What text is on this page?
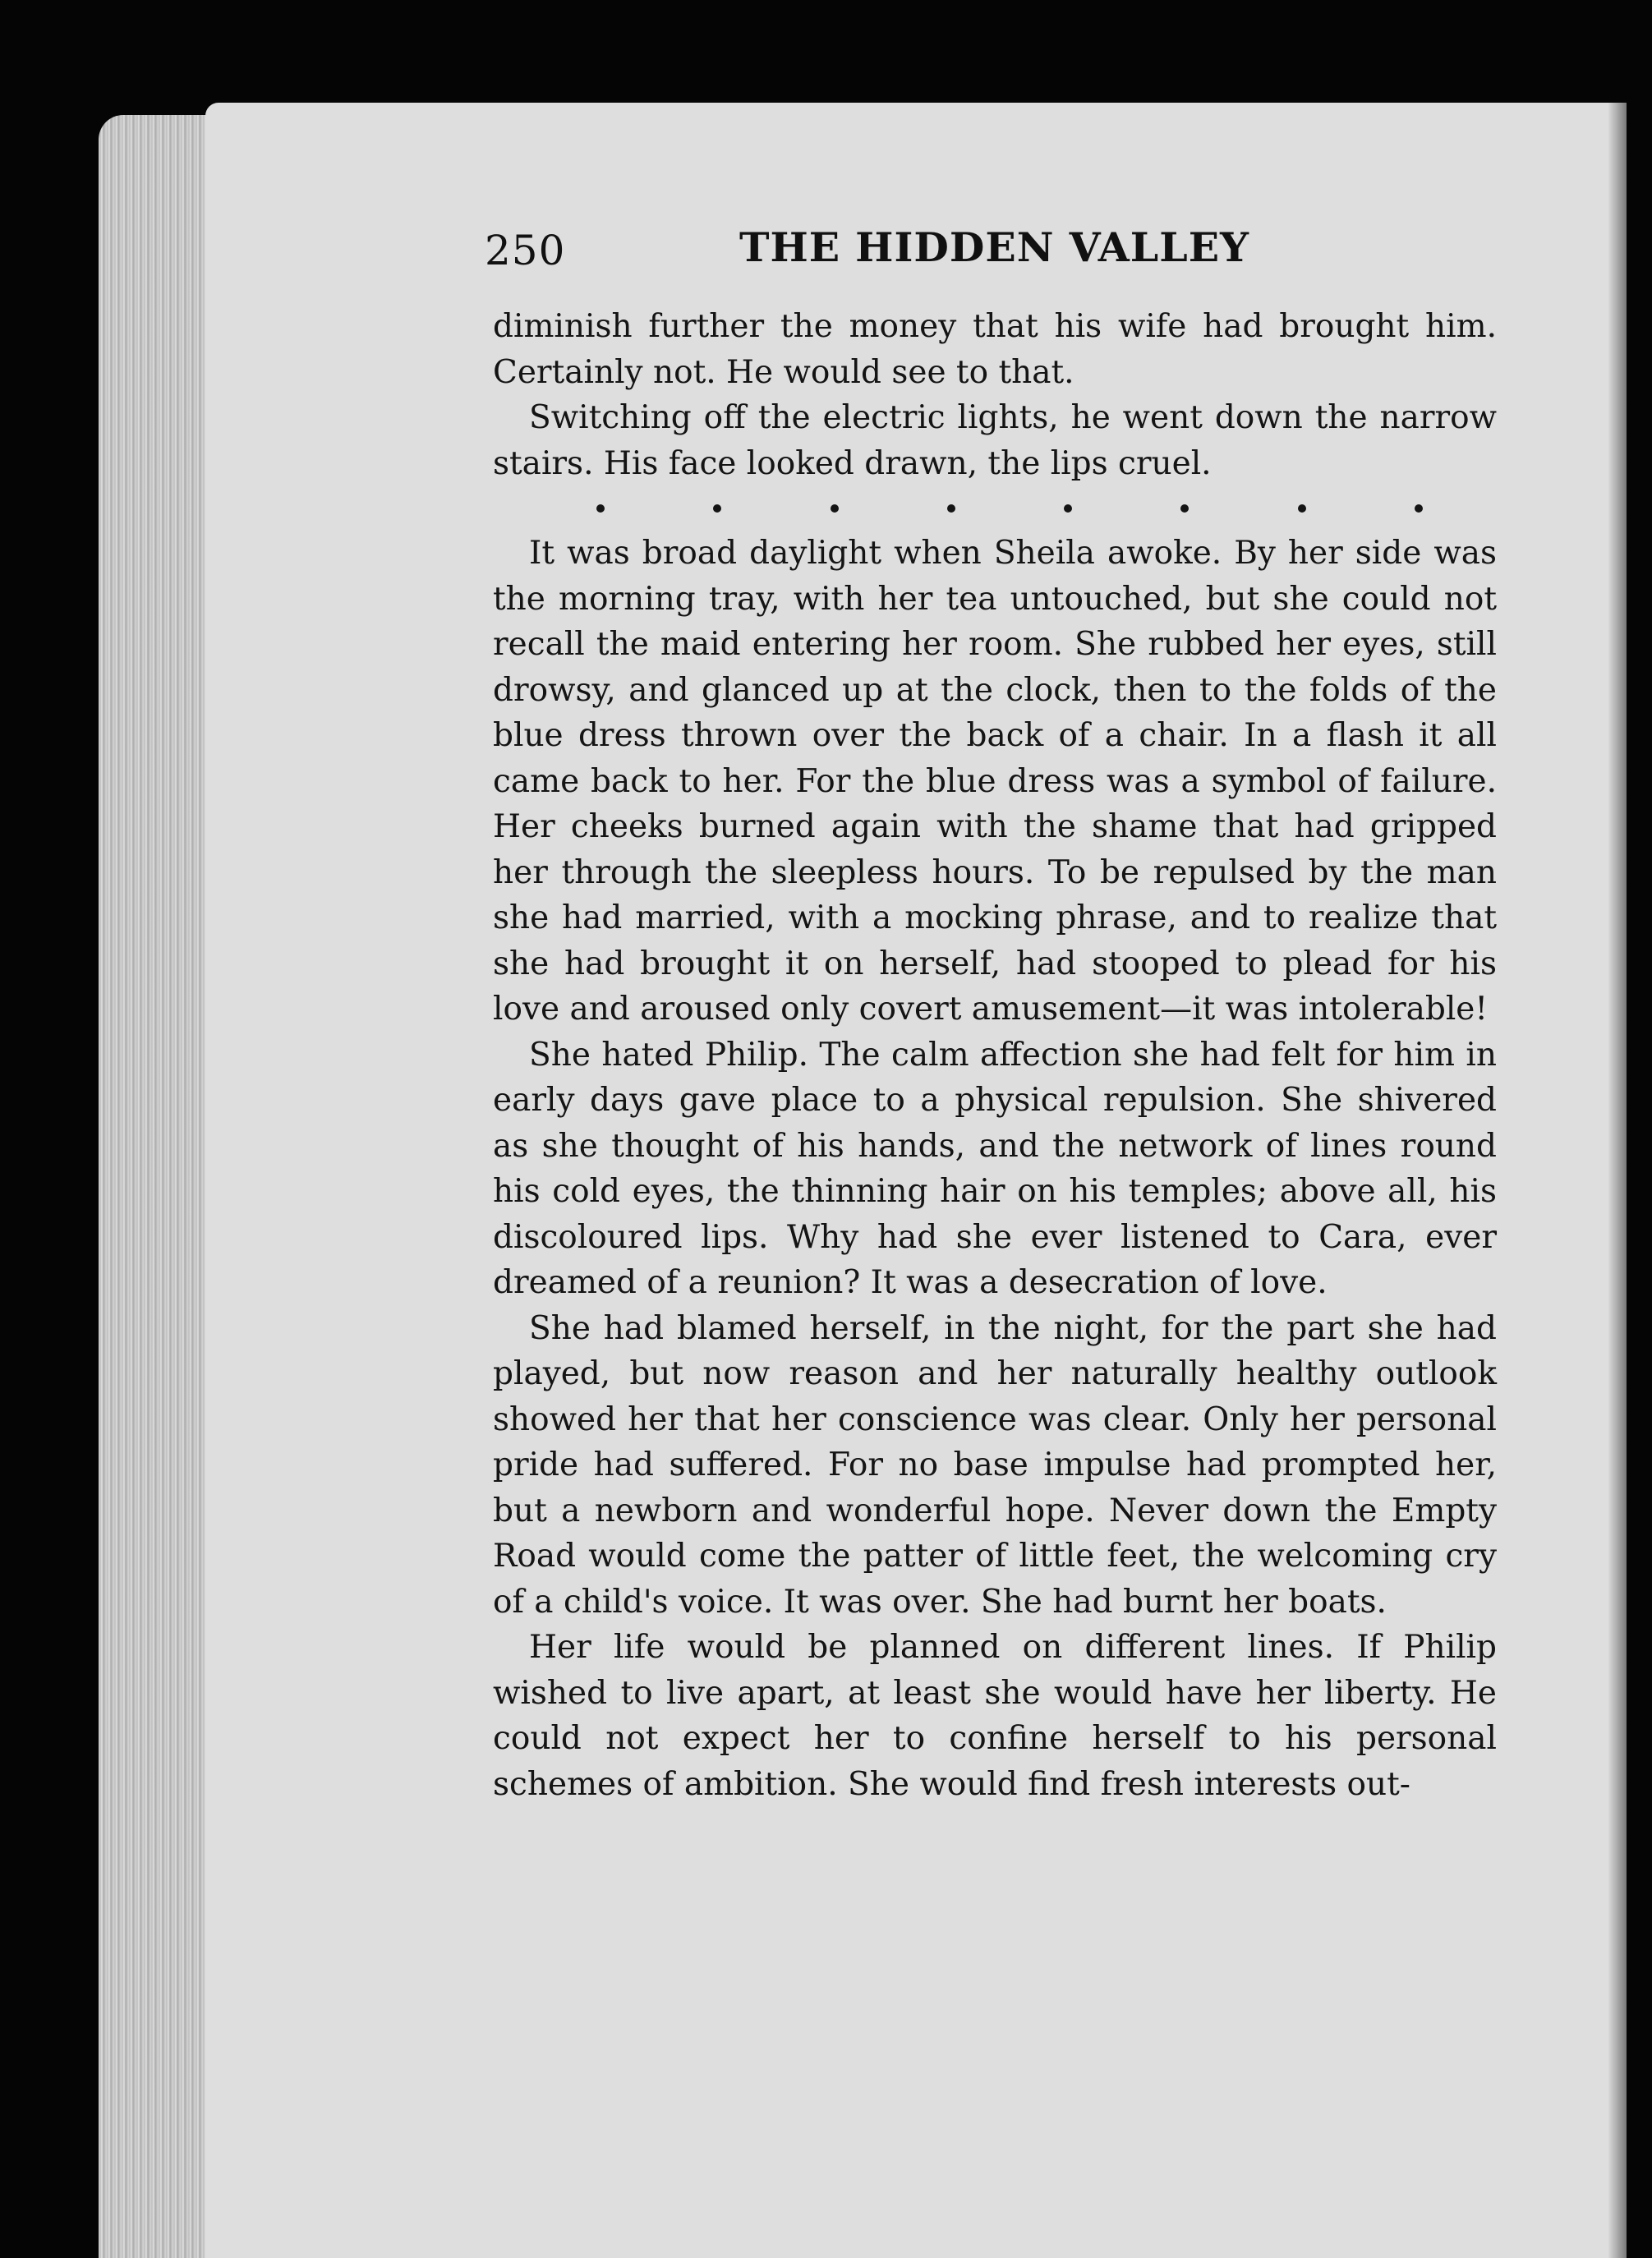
250	THE HIDDEN VALLEY

diminish further the money that his wife had brought him. Certainly not. He would see to that.

Switching off the electric lights, he went down the narrow stairs. His face looked drawn, the lips cruel.

It was broad daylight when Sheila awoke. By her side was the morning tray, with her tea untouched, but she could not recall the maid entering her room. She rubbed her eyes, still drowsy, and glanced up at the clock, then to the folds of the blue dress thrown over the back of a chair. In a flash it all came back to her. For the blue dress was a symbol of failure. Her cheeks burned again with the shame that had gripped her through the sleepless hours. To be repulsed by the man she had married, with a mocking phrase, and to realize that she had brought it on herself, had stooped to plead for his love and aroused only covert amusement—it was intolerable!

She hated Philip. The calm affection she had felt for him in early days gave place to a physical repulsion. She shivered as she thought of his hands, and the network of lines round his cold eyes, the thinning hair on his temples; above all, his discoloured lips. Why had she ever listened to Cara, ever dreamed of a reunion? It was a desecration of love.

She had blamed herself, in the night, for the part she had played, but now reason and her naturally healthy outlook showed her that her conscience was clear. Only her personal pride had suffered. For no base impulse had prompted her, but a newborn and wonderful hope. Never down the Empty Road would come the patter of little feet, the welcoming cry of a child's voice. It was over. She had burnt her boats.

Her life would be planned on different lines. If Philip wished to live apart, at least she would have her liberty. He could not expect her to confine herself to his personal schemes of ambition. She would find fresh interests out-
